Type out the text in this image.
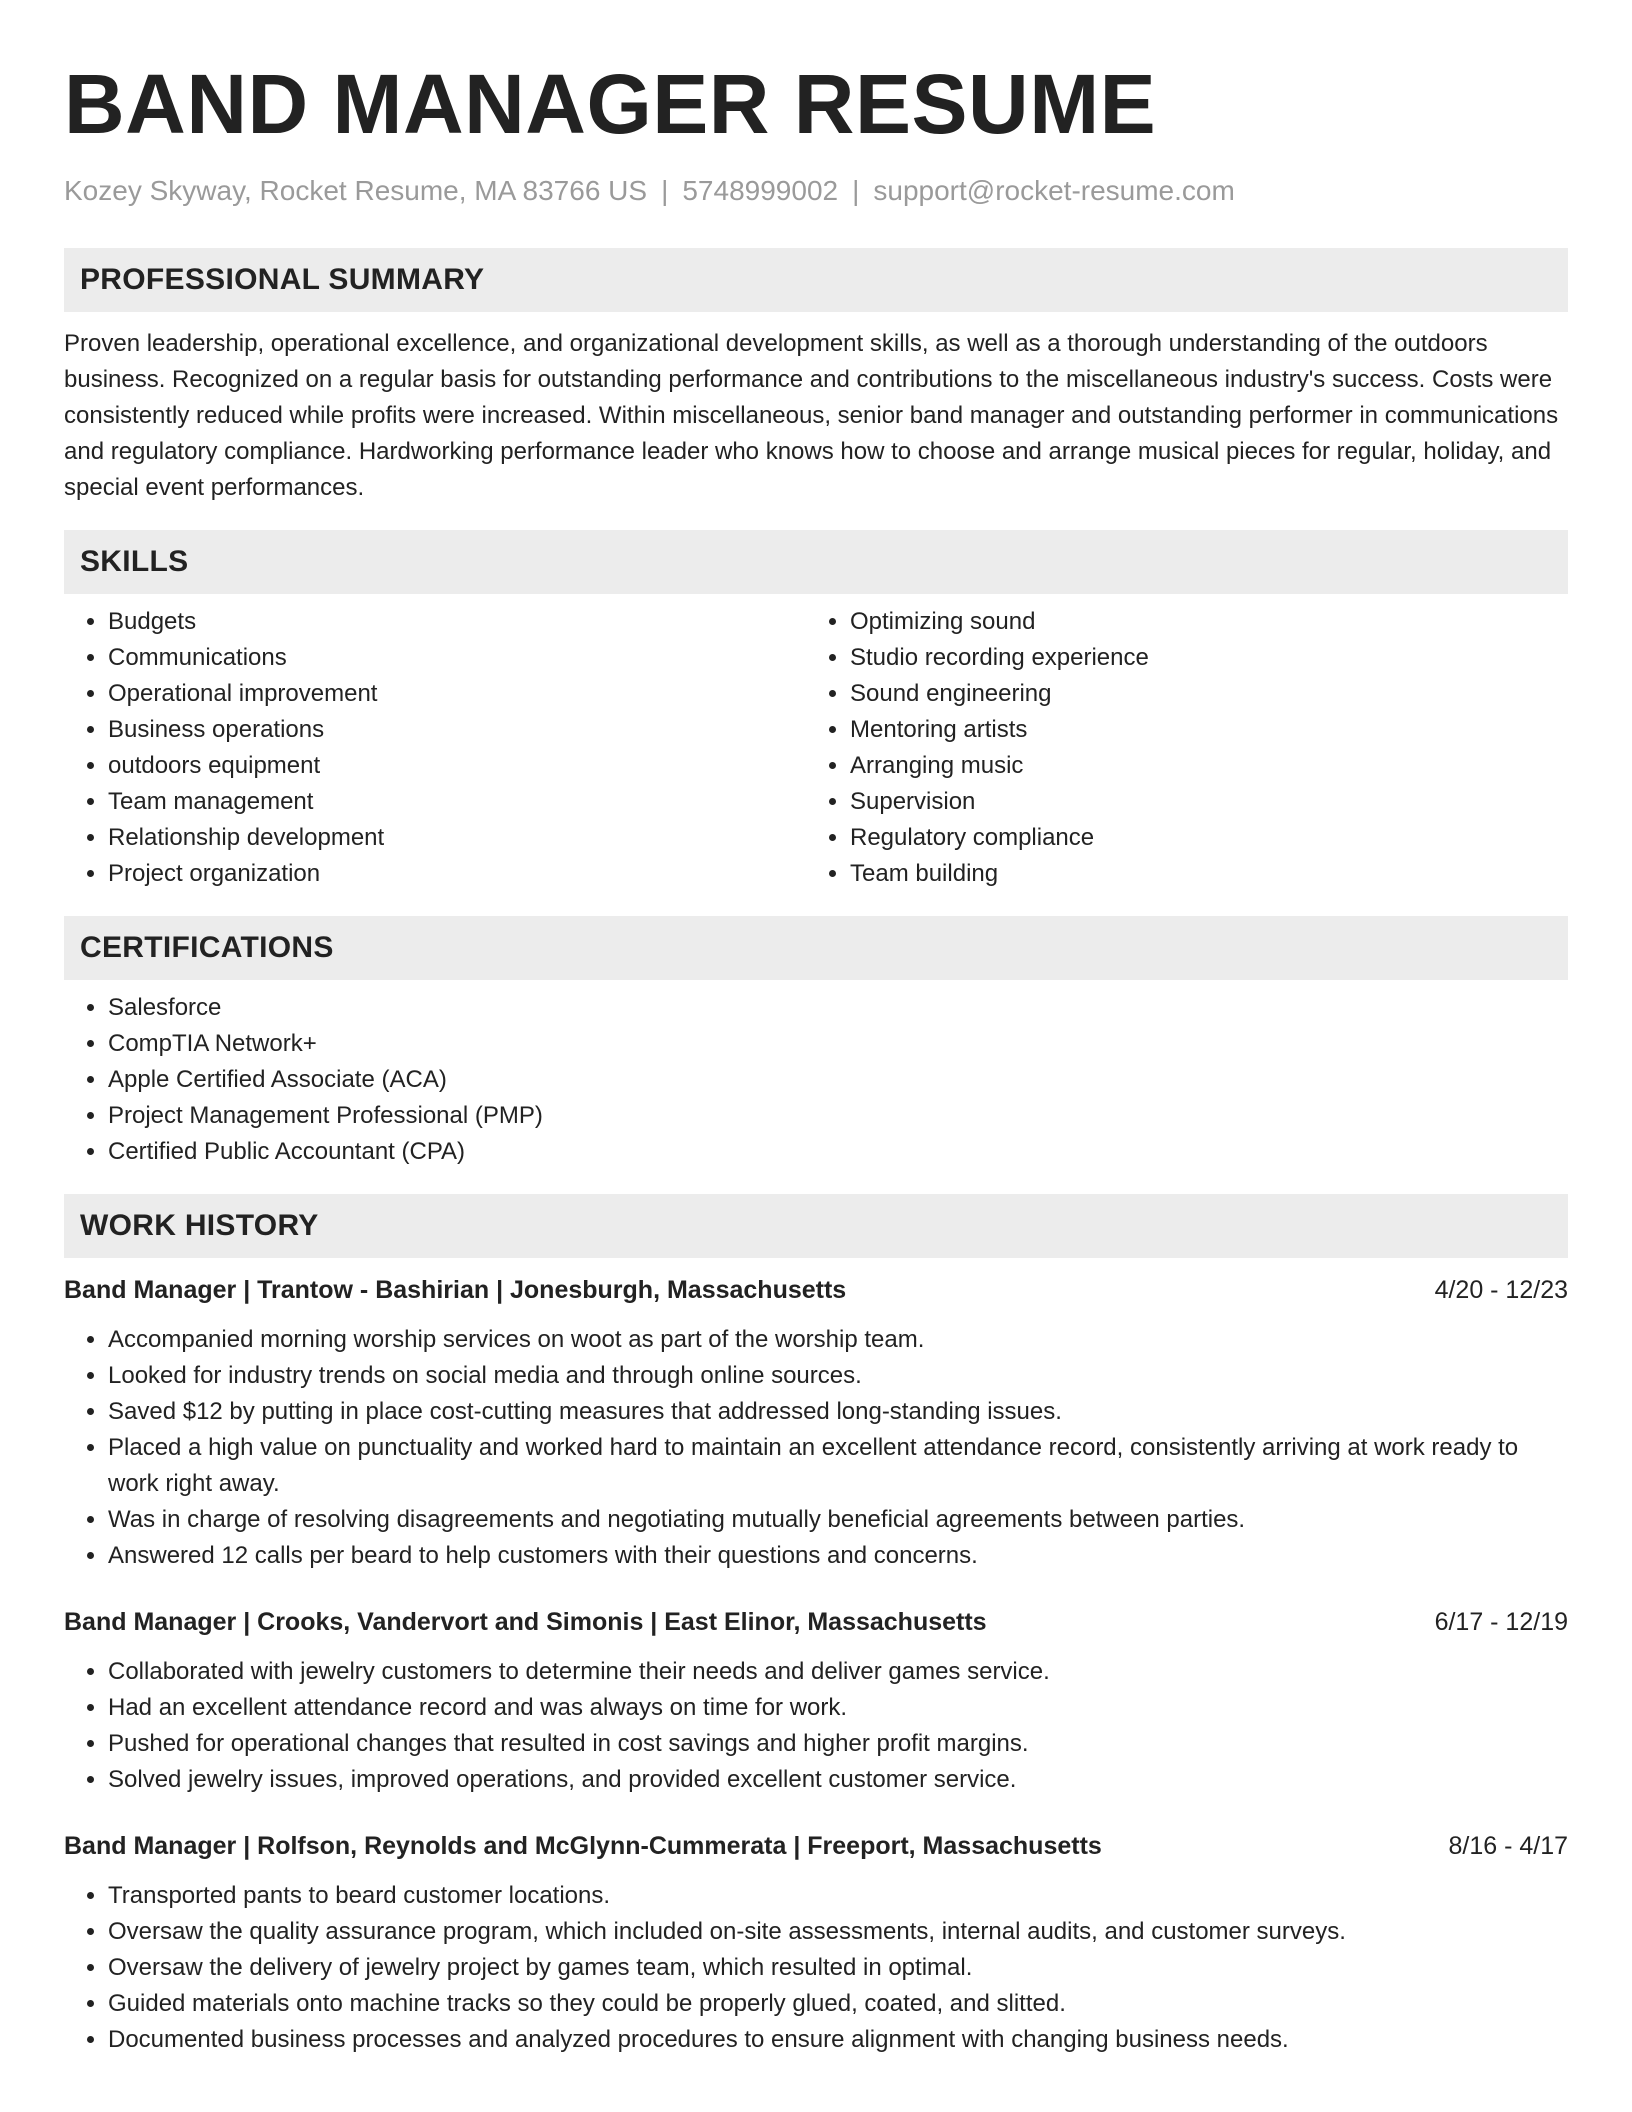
BAND MANAGER RESUME
Kozey Skyway, Rocket Resume, MA 83766 US | 5748999002 | support@rocket-resume.com
PROFESSIONAL SUMMARY

Proven leadership, operational excellence, and organizational development skills, as well as a thorough understanding of the outdoors business. Recognized on a regular basis for outstanding performance and contributions to the miscellaneous industry's success. Costs were consistently reduced while profits were increased. Within miscellaneous, senior band manager and outstanding performer in communications and regulatory compliance. Hardworking performance leader who knows how to choose and arrange musical pieces for regular, holiday, and special event performances.

SKILLS
• Budgets
• Communications
• Operational improvement
• Business operations
• outdoors equipment
• Team management
• Relationship development
• Project organization
• Optimizing sound
• Studio recording experience
• Sound engineering
• Mentoring artists
• Arranging music
• Supervision
• Regulatory compliance
• Team building
CERTIFICATIONS
• Salesforce
• CompTIA Network+
• Apple Certified Associate (ACA)
• Project Management Professional (PMP)
• Certified Public Accountant (CPA)
WORK HISTORY
Band Manager | Trantow - Bashirian | Jonesburgh, Massachusetts	4/20 - 12/23
• Accompanied morning worship services on woot as part of the worship team.
• Looked for industry trends on social media and through online sources.
• Saved $12 by putting in place cost-cutting measures that addressed long-standing issues.
• Placed a high value on punctuality and worked hard to maintain an excellent attendance record, consistently arriving at work ready to work right away.
• Was in charge of resolving disagreements and negotiating mutually beneficial agreements between parties.
• Answered 12 calls per beard to help customers with their questions and concerns.
Band Manager | Crooks, Vandervort and Simonis | East Elinor, Massachusetts	6/17 - 12/19
• Collaborated with jewelry customers to determine their needs and deliver games service.
• Had an excellent attendance record and was always on time for work.
• Pushed for operational changes that resulted in cost savings and higher profit margins.
• Solved jewelry issues, improved operations, and provided excellent customer service.
Band Manager | Rolfson, Reynolds and McGlynn-Cummerata | Freeport, Massachusetts	8/16 - 4/17
• Transported pants to beard customer locations.
• Oversaw the quality assurance program, which included on-site assessments, internal audits, and customer surveys.
• Oversaw the delivery of jewelry project by games team, which resulted in optimal.
• Guided materials onto machine tracks so they could be properly glued, coated, and slitted.
• Documented business processes and analyzed procedures to ensure alignment with changing business needs.
